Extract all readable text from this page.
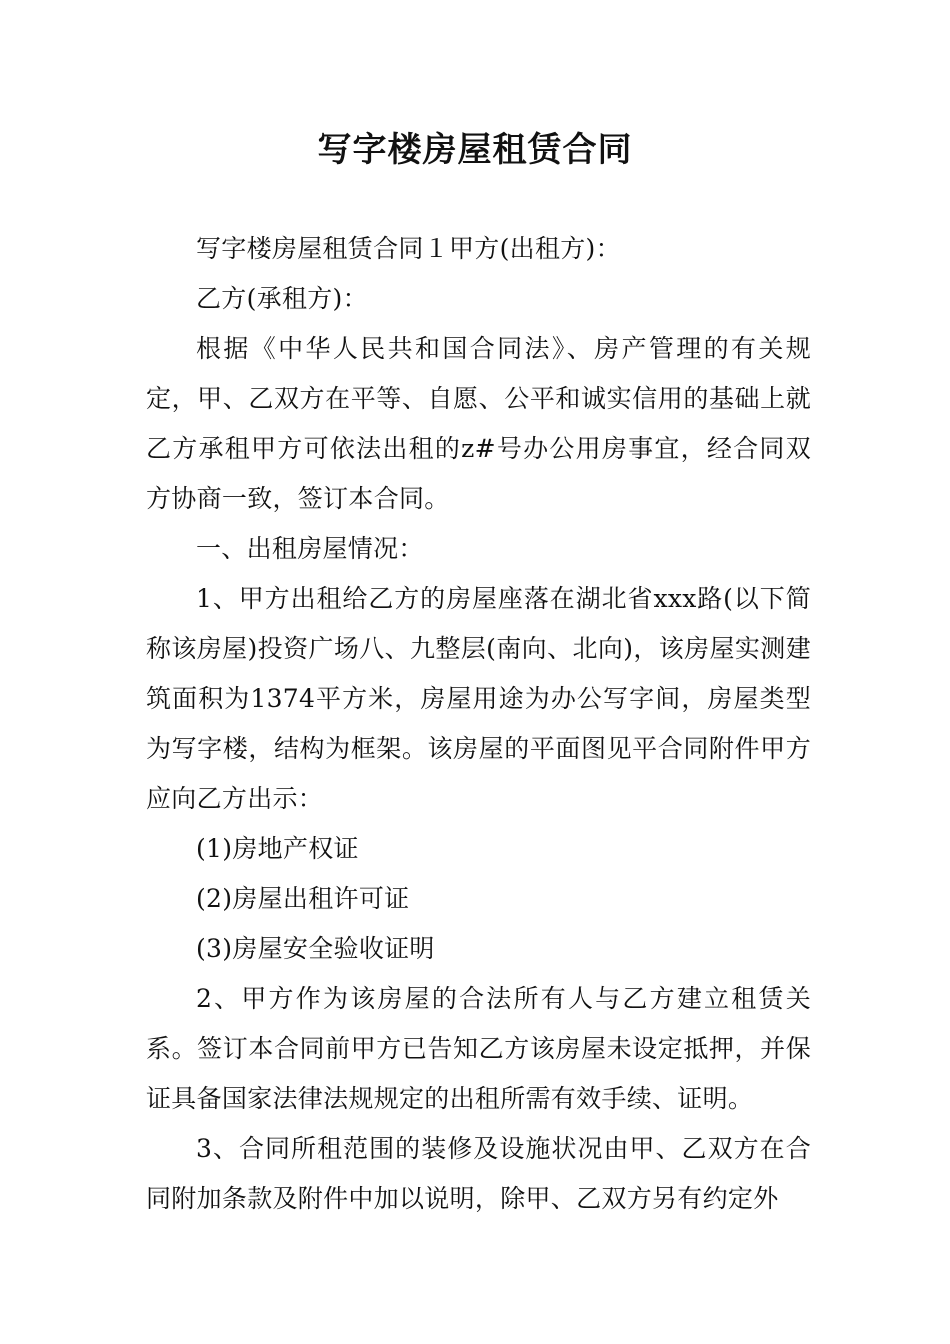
写字楼房屋租赁合同

写字楼房屋租赁合同１甲方(出租方)：

乙方(承租方)：

根据《中华人民共和国合同法》、房产管理的有关规定，甲、乙双方在平等、自愿、公平和诚实信用的基础上就乙方承租甲方可依法出租的z#号办公用房事宜，经合同双方协商一致，签订本合同。

一、出租房屋情况：

1、甲方出租给乙方的房屋座落在湖北省xxx路(以下简称该房屋)投资广场八、九整层(南向、北向)，该房屋实测建筑面积为1374平方米，房屋用途为办公写字间，房屋类型为写字楼，结构为框架。该房屋的平面图见平合同附件甲方应向乙方出示：

(1)房地产权证

(2)房屋出租许可证

(3)房屋安全验收证明

2、甲方作为该房屋的合法所有人与乙方建立租赁关系。签订本合同前甲方已告知乙方该房屋未设定抵押，并保证具备国家法律法规规定的出租所需有效手续、证明。

3、合同所租范围的装修及设施状况由甲、乙双方在合同附加条款及附件中加以说明，除甲、乙双方另有约定外
